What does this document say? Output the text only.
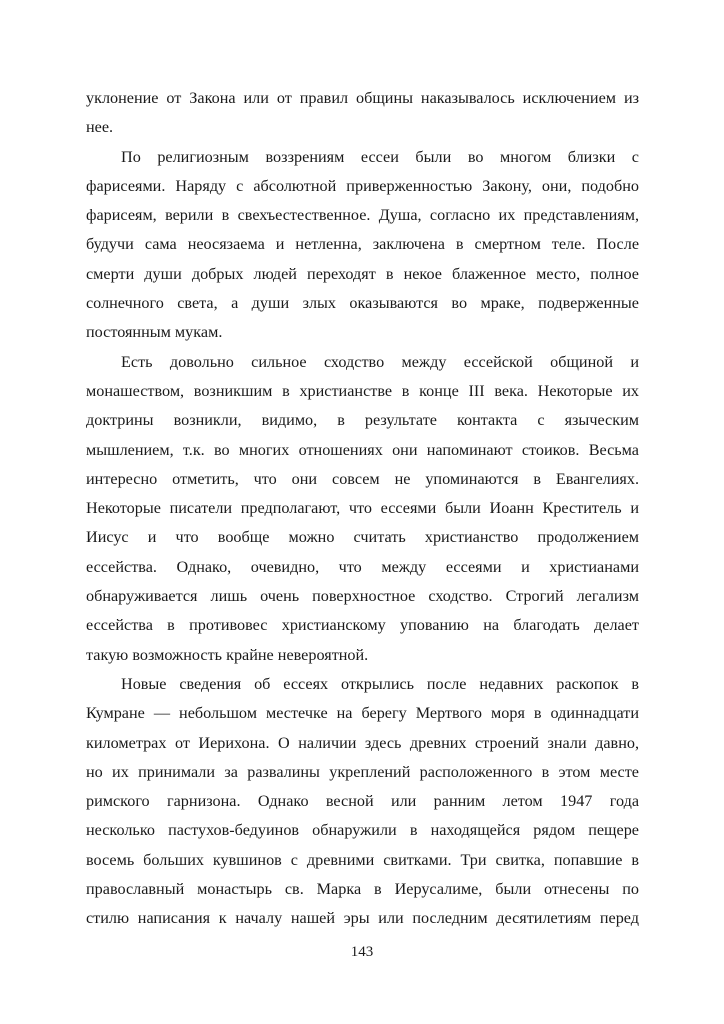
уклонение от Закона или от правил общины наказывалось исключением из
нее.
По религиозным воззрениям ессеи были во многом близки с
фарисеями. Наряду с абсолютной приверженностью Закону, они, подобно
фарисеям, верили в свехъестественное. Душа, согласно их представлениям,
будучи сама неосязаема и нетленна, заключена в смертном теле. После
смерти души добрых людей переходят в некое блаженное место, полное
солнечного света, а души злых оказываются во мраке, подверженные
постоянным мукам.
Есть довольно сильное сходство между ессейской общиной и
монашеством, возникшим в христианстве в конце III века. Некоторые их
доктрины возникли, видимо, в результате контакта с языческим
мышлением, т.к. во многих отношениях они напоминают стоиков. Весьма
интересно отметить, что они совсем не упоминаются в Евангелиях.
Некоторые писатели предполагают, что ессеями были Иоанн Креститель и
Иисус и что вообще можно считать христианство продолжением
ессейства. Однако, очевидно, что между ессеями и христианами
обнаруживается лишь очень поверхностное сходство. Строгий легализм
ессейства в противовес христианскому упованию на благодать делает
такую возможность крайне невероятной.
Новые сведения об ессеях открылись после недавних раскопок в
Кумране — небольшом местечке на берегу Мертвого моря в одиннадцати
километрах от Иерихона. О наличии здесь древних строений знали давно,
но их принимали за развалины укреплений расположенного в этом месте
римского гарнизона. Однако весной или ранним летом 1947 года
несколько пастухов-бедуинов обнаружили в находящейся рядом пещере
восемь больших кувшинов с древними свитками. Три свитка, попавшие в
православный монастырь св. Марка в Иерусалиме, были отнесены по
стилю написания к началу нашей эры или последним десятилетиям перед
143
